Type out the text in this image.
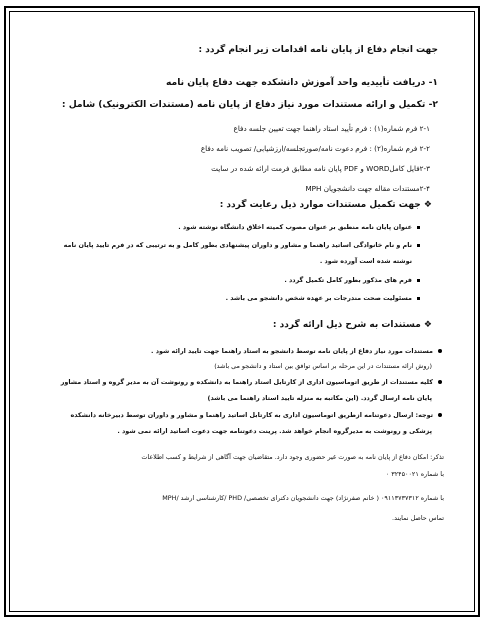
جهت انجام دفاع از پایان نامه اقدامات زیر انجام گردد :
۱- دریافت تأییدیه واحد آموزش دانشکده جهت دفاع پایان نامه
۲- تکمیل و ارائه مستندات مورد نیاز دفاع از پایان نامه (مستندات الکترونیک) شامل :
۲-۱ فرم شماره(۱) : فرم تأیید استاد راهنما جهت تعیین جلسه دفاع
۲-۲ فرم شماره(۲) : فرم دعوت نامه/صورتجلسه/ارزشیابی/ تصویب نامه دفاع
۲-۳فایل کاملWORD و PDF پایان نامه مطابق فرمت ارائه شده در سایت
۲-۴مستندات مقاله جهت دانشجویان MPH
❖ جهت تکمیل مستندات موارد ذیل رعایت گردد :
عنوان پایان نامه منطبق بر عنوان مصوب کمیته اخلاق دانشگاه نوشته شود .
نام و نام خانوادگی اساتید راهنما و مشاور و داوران پیشنهادی بطور کامل و به ترتیبی که در فرم تایید پایان نامه
نوشته شده است آورده شود .
فرم های مذکور بطور کامل تکمیل گردد .
مسئولیت صحت مندرجات بر عهده شخص دانشجو می باشد .
❖ مستندات به شرح ذیل ارائه گردد :
مستندات مورد نیاز دفاع از پایان نامه توسط دانشجو به استاد راهنما جهت تایید ارائه شود .
(روش ارائه مستندات در این مرحله بر اساس توافق بین استاد و دانشجو می باشد)
کلیه مستندات از طریق اتوماسیون اداری از کارتابل استاد راهنما به دانشکده و رونوشت آن به مدیر گروه و استاد مشاور
پایان نامه ارسال گردد. (این مکاتبه به منزله تایید استاد راهنما می باشد)
توجه: ارسال دعوتنامه ازطریق اتوماسیون اداری به کارتابل اساتید راهنما و مشاور و داوران توسط دبیرخانه دانشکده
پزشکی و رونوشت به مدیرگروه انجام خواهد شد. پرینت دعوتنامه جهت دعوت اساتید ارائه نمی شود .
تذکر: امکان دفاع از پایان نامه به صورت غیر حضوری وجود دارد. متقاضیان جهت آگاهی از شرایط و کسب اطلاعات
با شماره ۳۲۴۵۰۰۲۱ ۰
با شماره ۰۹۱۱۳۷۳۷۳۱۲ ( خانم صفرنژاد) جهت دانشجویان دکترای تخصصی/ PHD /کارشناسی ارشد /MPH
تماس حاصل نمایند.
